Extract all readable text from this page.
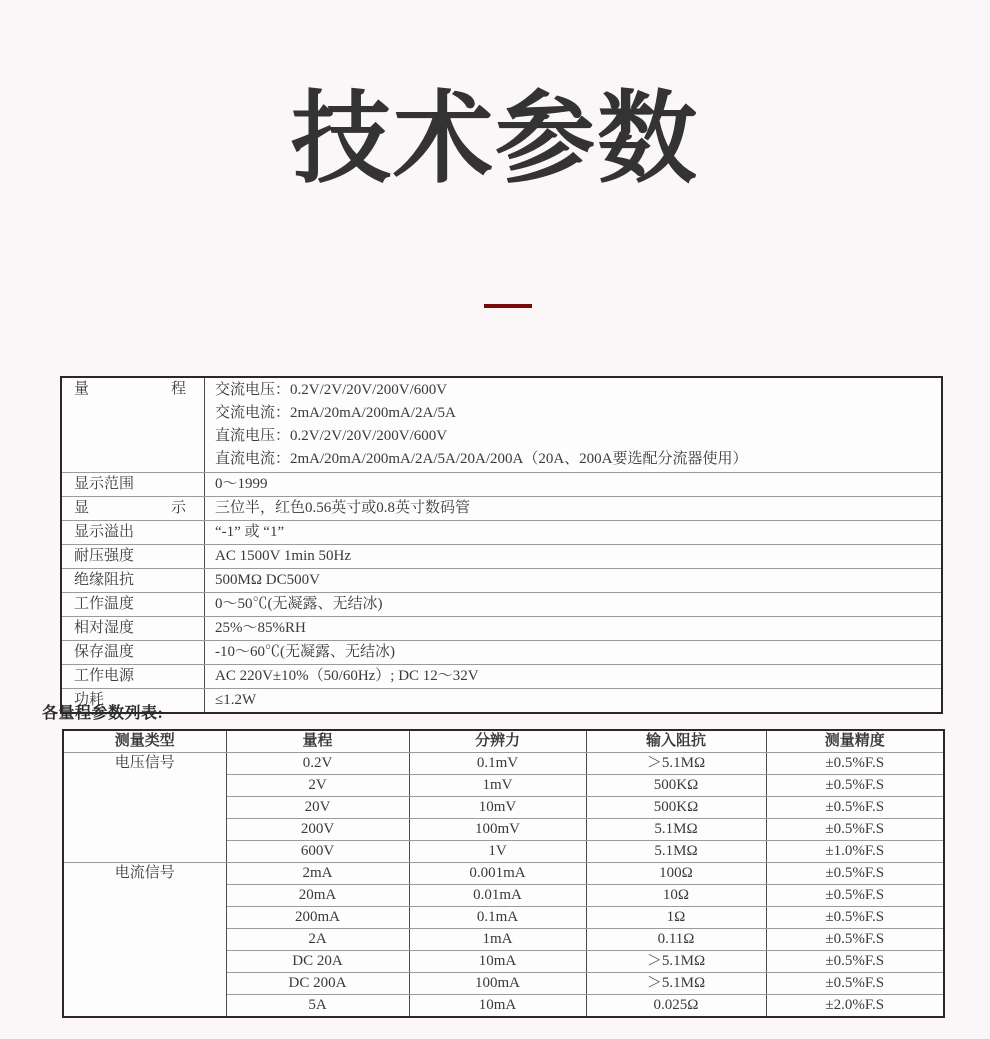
技术参数
量　程	交流电压：0.2V/2V/20V/200V/600V
交流电流：2mA/20mA/200mA/2A/5A
直流电压：0.2V/2V/20V/200V/600V
直流电流：2mA/20mA/200mA/2A/5A/20A/200A（20A、200A要选配分流器使用）

显示范围	0～1999
显　示	三位半，红色0.56英寸或0.8英寸数码管
显示溢出	“-1” 或 “1”
耐压强度	AC 1500V 1min 50Hz
绝缘阻抗	500MΩ DC500V
工作温度	0～50℃(无凝露、无结冰)
相对湿度	25%～85%RH
保存温度	-10～60℃(无凝露、无结冰)
工作电源	AC 220V±10%（50/60Hz）; DC 12～32V
功耗	≤1.2W
各量程参数列表:
测量类型	量程	分辨力	输入阻抗	测量精度
电压信号	0.2V	0.1mV	＞5.1MΩ	±0.5%F.S
	2V	1mV	500KΩ	±0.5%F.S
	20V	10mV	500KΩ	±0.5%F.S
	200V	100mV	5.1MΩ	±0.5%F.S
	600V	1V	5.1MΩ	±1.0%F.S
电流信号	2mA	0.001mA	100Ω	±0.5%F.S
	20mA	0.01mA	10Ω	±0.5%F.S
	200mA	0.1mA	1Ω	±0.5%F.S
	2A	1mA	0.11Ω	±0.5%F.S
	DC 20A	10mA	＞5.1MΩ	±0.5%F.S
	DC 200A	100mA	＞5.1MΩ	±0.5%F.S
	5A	10mA	0.025Ω	±2.0%F.S
